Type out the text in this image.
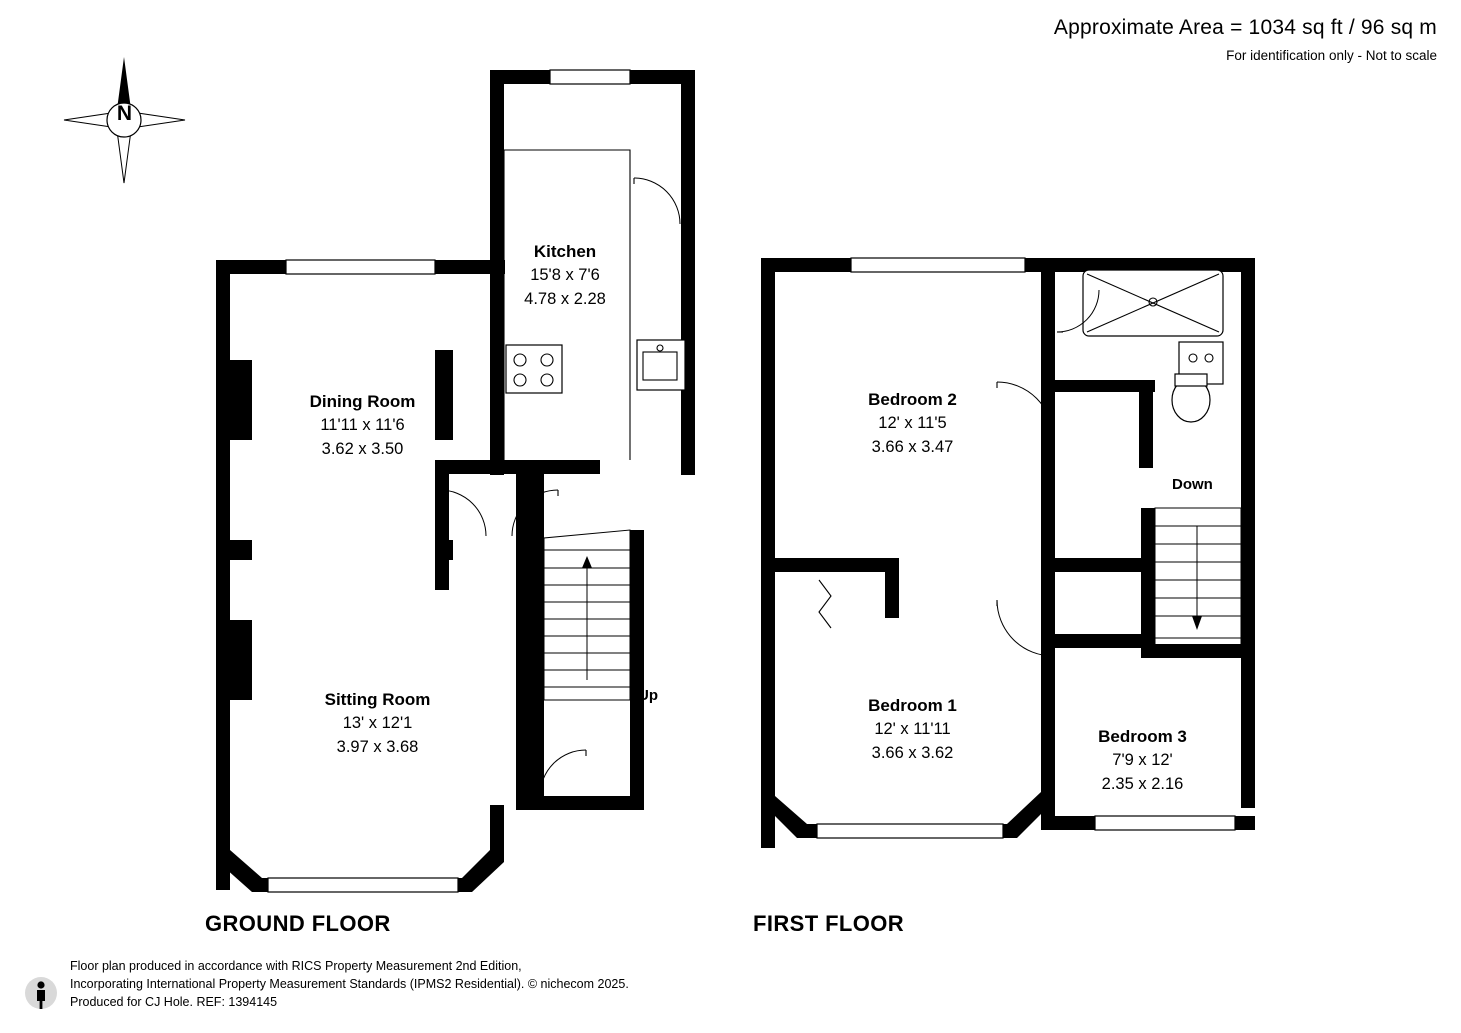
Approximate Area = 1034 sq ft / 96 sq m
For identification only - Not to scale
N
Kitchen
15'8 x 7'6
4.78 x 2.28
Dining Room
11'11 x 11'6
3.62 x 3.50
Sitting Room
13' x 12'1
3.97 x 3.68
Up
GROUND FLOOR
Bedroom 2
12' x 11'5
3.66 x 3.47
Bedroom 1
12' x 11'11
3.66 x 3.62
Bedroom 3
7'9 x 12'
2.35 x 2.16
Down
FIRST FLOOR
Floor plan produced in accordance with RICS Property Measurement 2nd Edition,
Incorporating International Property Measurement Standards (IPMS2 Residential). © nichecom 2025.
Produced for CJ Hole. REF: 1394145
